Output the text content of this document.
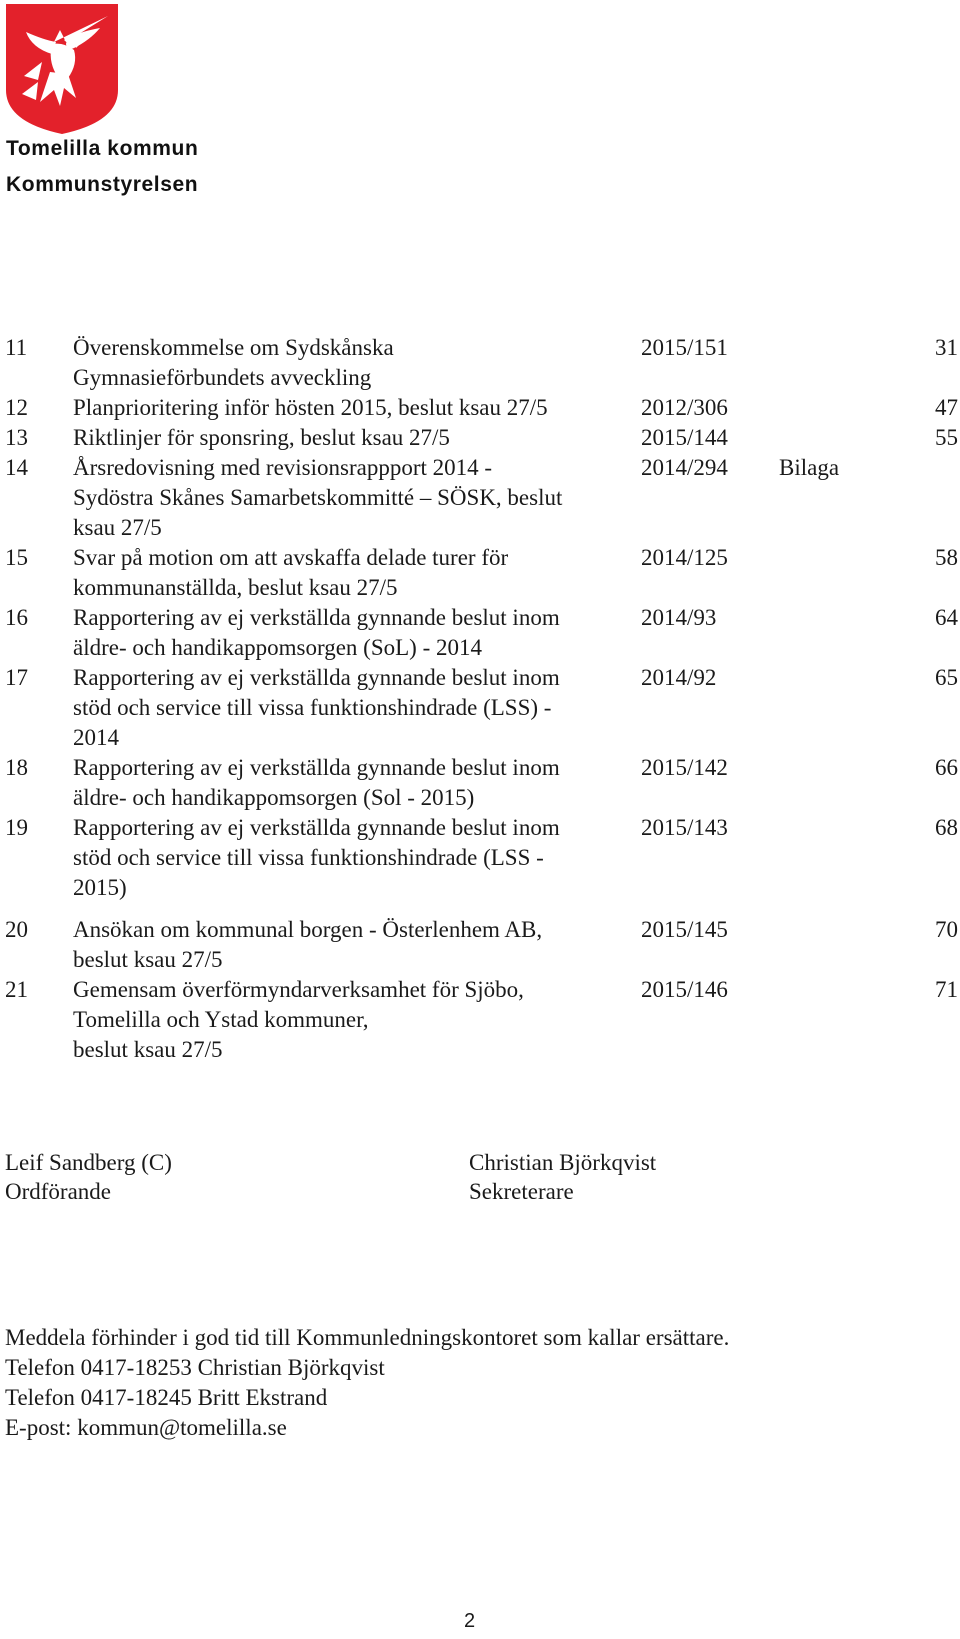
Tomelilla kommun
Kommunstyrelsen
11 Överenskommelse om Sydskånska
Gymnasieförbundets avveckling
2015/151	31
12 Planprioritering inför hösten 2015, beslut ksau 27/5	2012/306	47
13 Riktlinjer för sponsring, beslut ksau 27/5	2015/144	55
14 Årsredovisning med revisionsrappport 2014 -
Sydöstra Skånes Samarbetskommitté – SÖSK, beslut
ksau 27/5
2014/294 Bilaga
15 Svar på motion om att avskaffa delade turer för
kommunanställda, beslut ksau 27/5
2014/125	58
16 Rapportering av ej verkställda gynnande beslut inom
äldre- och handikappomsorgen (SoL) - 2014
2014/93	64
17 Rapportering av ej verkställda gynnande beslut inom
stöd och service till vissa funktionshindrade (LSS) -
2014
2014/92	65
18 Rapportering av ej verkställda gynnande beslut inom
äldre- och handikappomsorgen (Sol - 2015)
2015/142	66
19 Rapportering av ej verkställda gynnande beslut inom
stöd och service till vissa funktionshindrade (LSS -
2015)
2015/143	68
20 Ansökan om kommunal borgen - Österlenhem AB,
beslut ksau 27/5
2015/145	70
21 Gemensam överförmyndarverksamhet för Sjöbo,
Tomelilla och Ystad kommuner,
beslut ksau 27/5
2015/146	71
Leif Sandberg (C)
Ordförande
Christian Björkqvist
Sekreterare
Meddela förhinder i god tid till Kommunledningskontoret som kallar ersättare.
Telefon 0417-18253 Christian Björkqvist
Telefon 0417-18245 Britt Ekstrand
E-post: kommun@tomelilla.se
2
